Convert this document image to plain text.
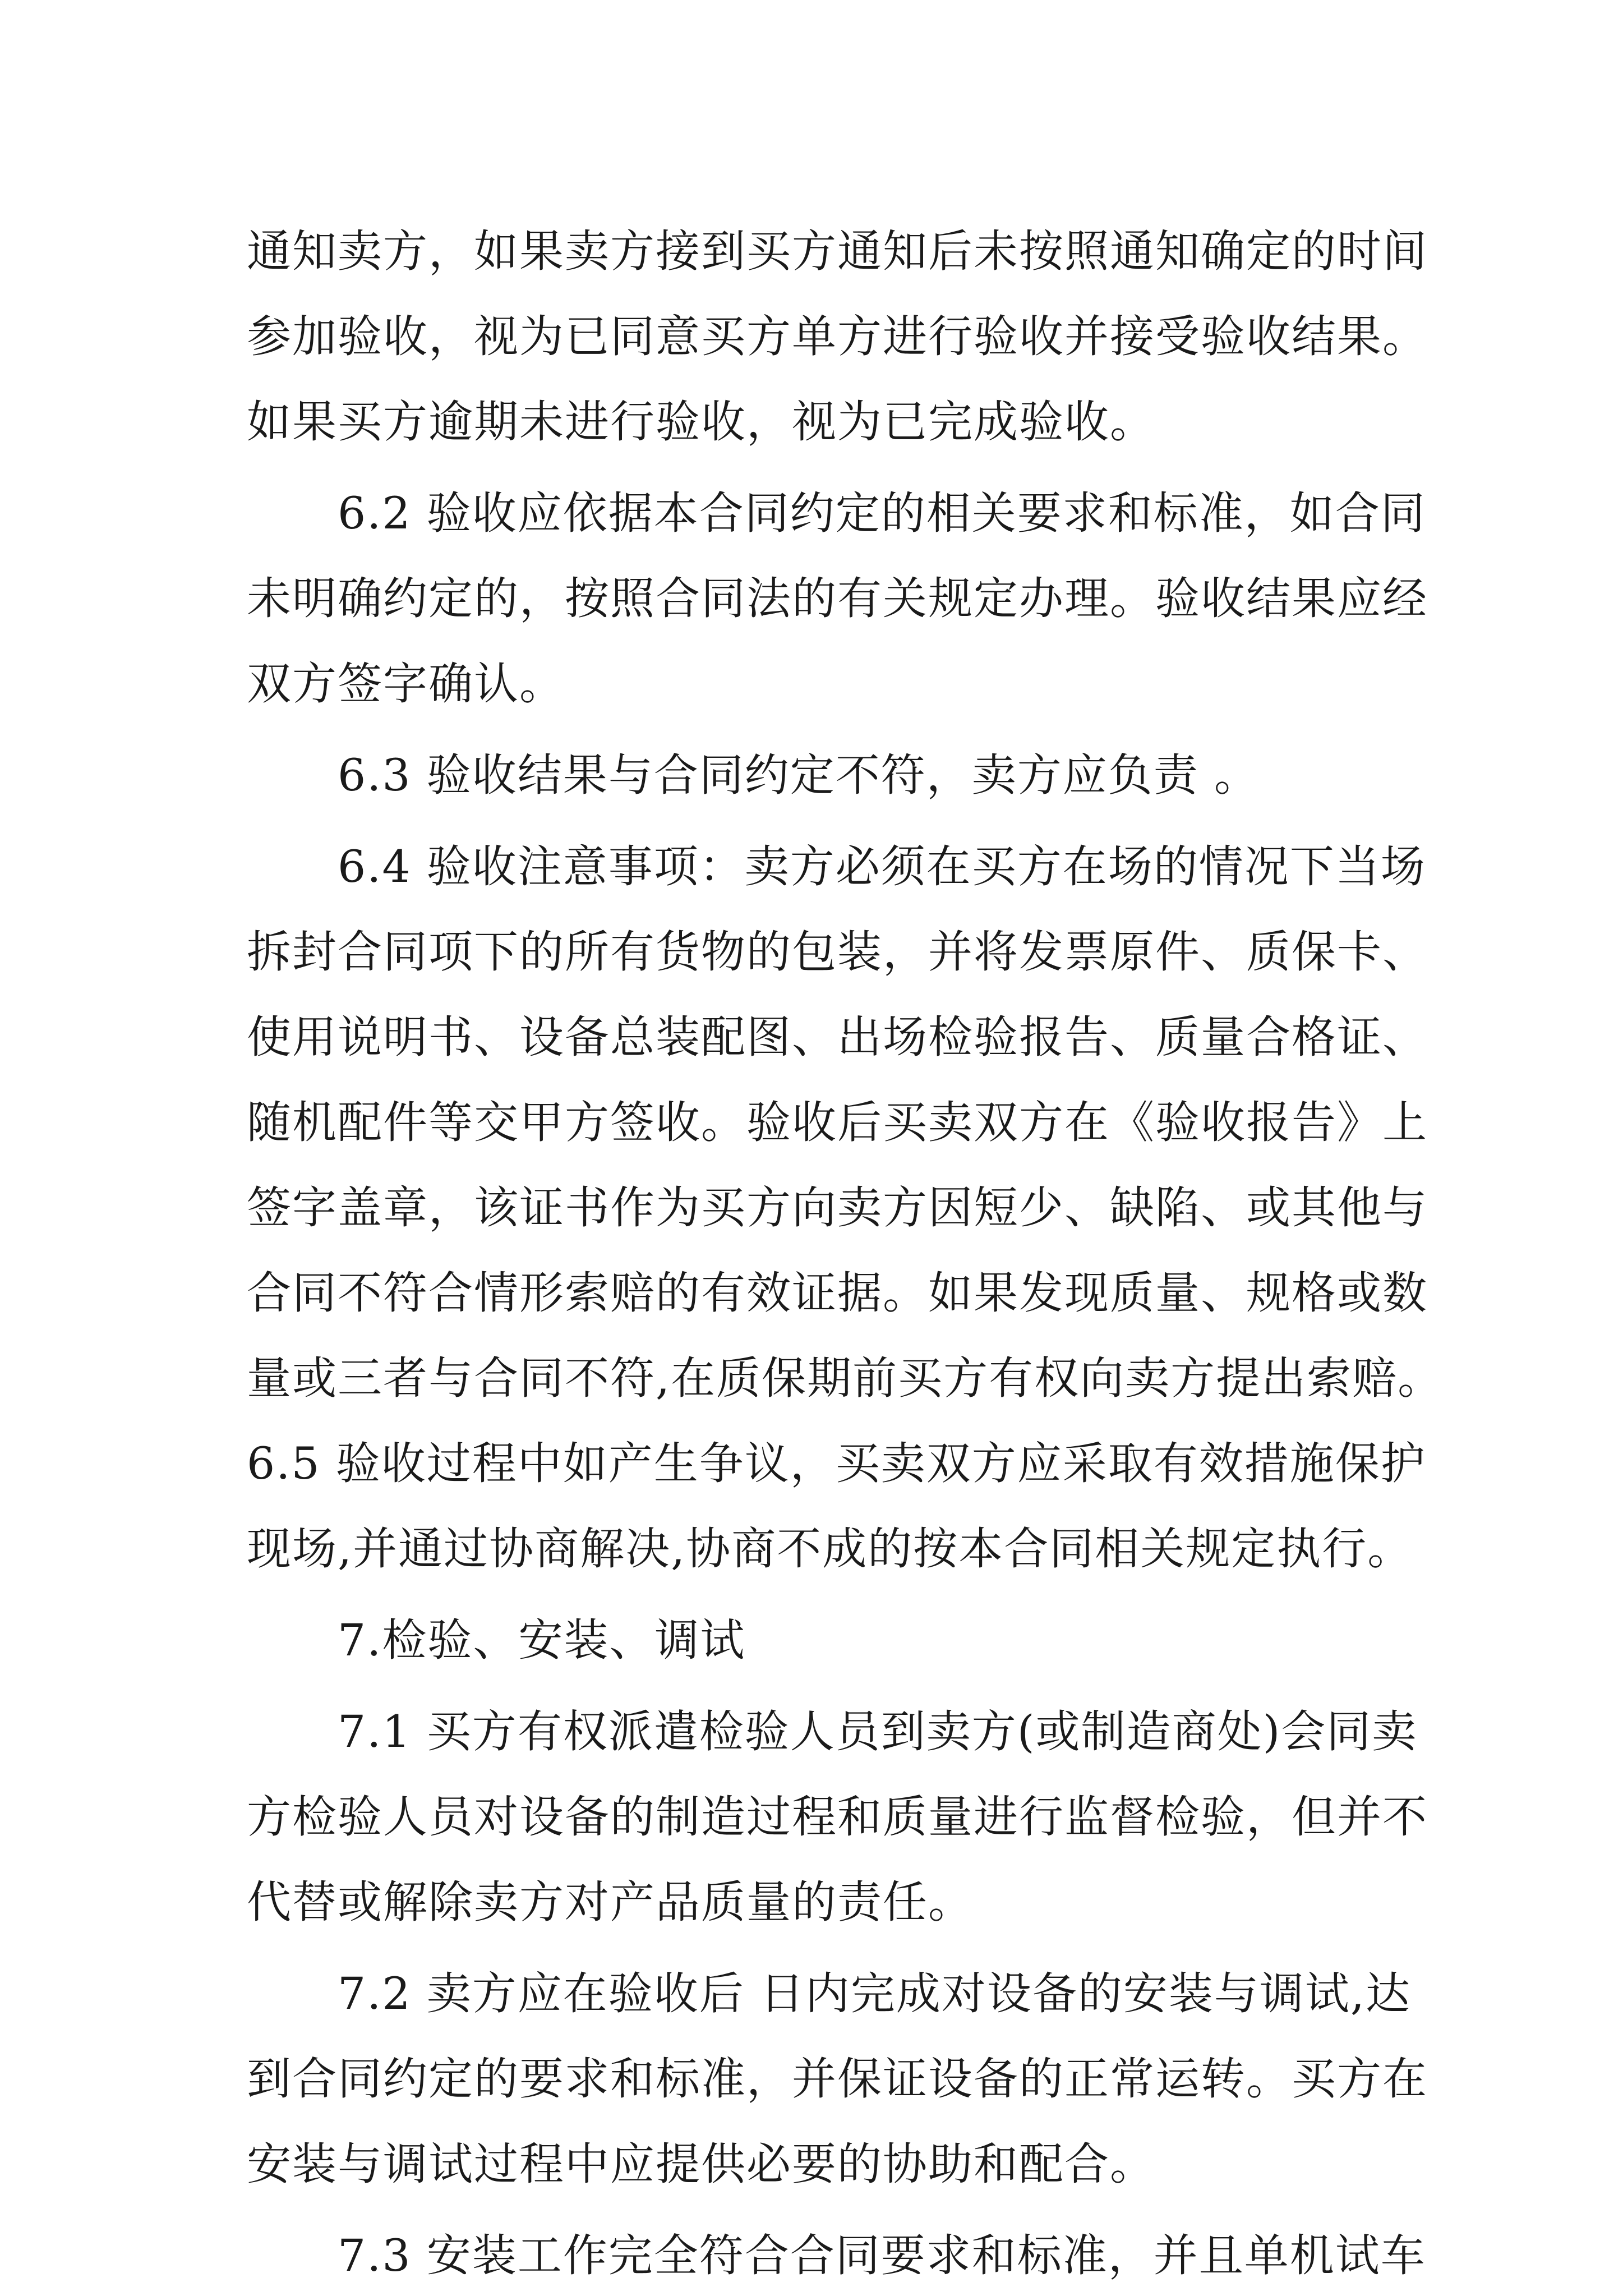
通知卖方，如果卖方接到买方通知后未按照通知确定的时间
参加验收，视为已同意买方单方进行验收并接受验收结果。
如果买方逾期未进行验收，视为已完成验收。
　　6.2 验收应依据本合同约定的相关要求和标准，如合同
未明确约定的，按照合同法的有关规定办理。验收结果应经
双方签字确认。
　　6.3 验收结果与合同约定不符，卖方应负责 。
　　6.4 验收注意事项：卖方必须在买方在场的情况下当场
拆封合同项下的所有货物的包装，并将发票原件、质保卡、
使用说明书、设备总装配图、出场检验报告、质量合格证、
随机配件等交甲方签收。验收后买卖双方在《验收报告》上
签字盖章，该证书作为买方向卖方因短少、缺陷、或其他与
合同不符合情形索赔的有效证据。如果发现质量、规格或数
量或三者与合同不符,在质保期前买方有权向卖方提出索赔。
6.5 验收过程中如产生争议，买卖双方应采取有效措施保护
现场,并通过协商解决,协商不成的按本合同相关规定执行。
　　7.检验、安装、调试
　　7.1 买方有权派遣检验人员到卖方(或制造商处)会同卖
方检验人员对设备的制造过程和质量进行监督检验，但并不
代替或解除卖方对产品质量的责任。
　　7.2 卖方应在验收后 日内完成对设备的安装与调试,达
到合同约定的要求和标准，并保证设备的正常运转。买方在
安装与调试过程中应提供必要的协助和配合。
　　7.3 安装工作完全符合合同要求和标准，并且单机试车
